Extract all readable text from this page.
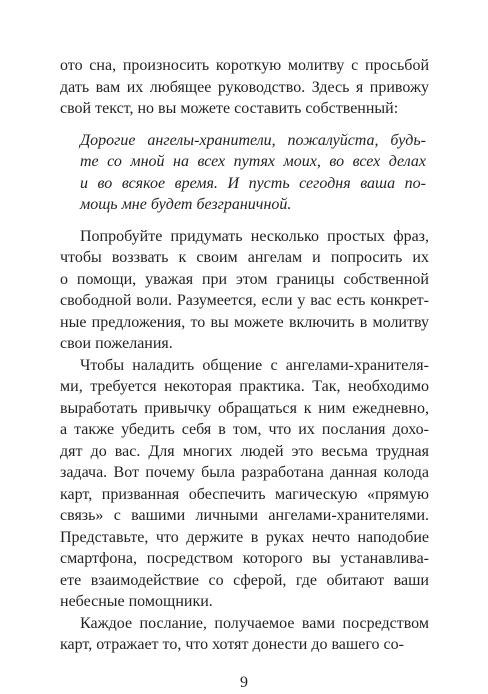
ото сна, произносить короткую молитву с просьбой
дать вам их любящее руководство. Здесь я привожу
свой текст, но вы можете составить собственный:
Дорогие ангелы-хранители, пожалуйста, будь-
те со мной на всех путях моих, во всех делах
и во всякое время. И пусть сегодня ваша по-
мощь мне будет безграничной.
Попробуйте придумать несколько простых фраз,
чтобы воззвать к своим ангелам и попросить их
о помощи, уважая при этом границы собственной
свободной воли. Разумеется, если у вас есть конкрет-
ные предложения, то вы можете включить в молитву
свои пожелания.
Чтобы наладить общение с ангелами-хранителя-
ми, требуется некоторая практика. Так, необходимо
выработать привычку обращаться к ним ежедневно,
а также убедить себя в том, что их послания дохо-
дят до вас. Для многих людей это весьма трудная
задача. Вот почему была разработана данная колода
карт, призванная обеспечить магическую «прямую
связь» с вашими личными ангелами-хранителями.
Представьте, что держите в руках нечто наподобие
смартфона, посредством которого вы устанавлива-
ете взаимодействие со сферой, где обитают ваши
небесные помощники.
Каждое послание, получаемое вами посредством
карт, отражает то, что хотят донести до вашего со-
9
